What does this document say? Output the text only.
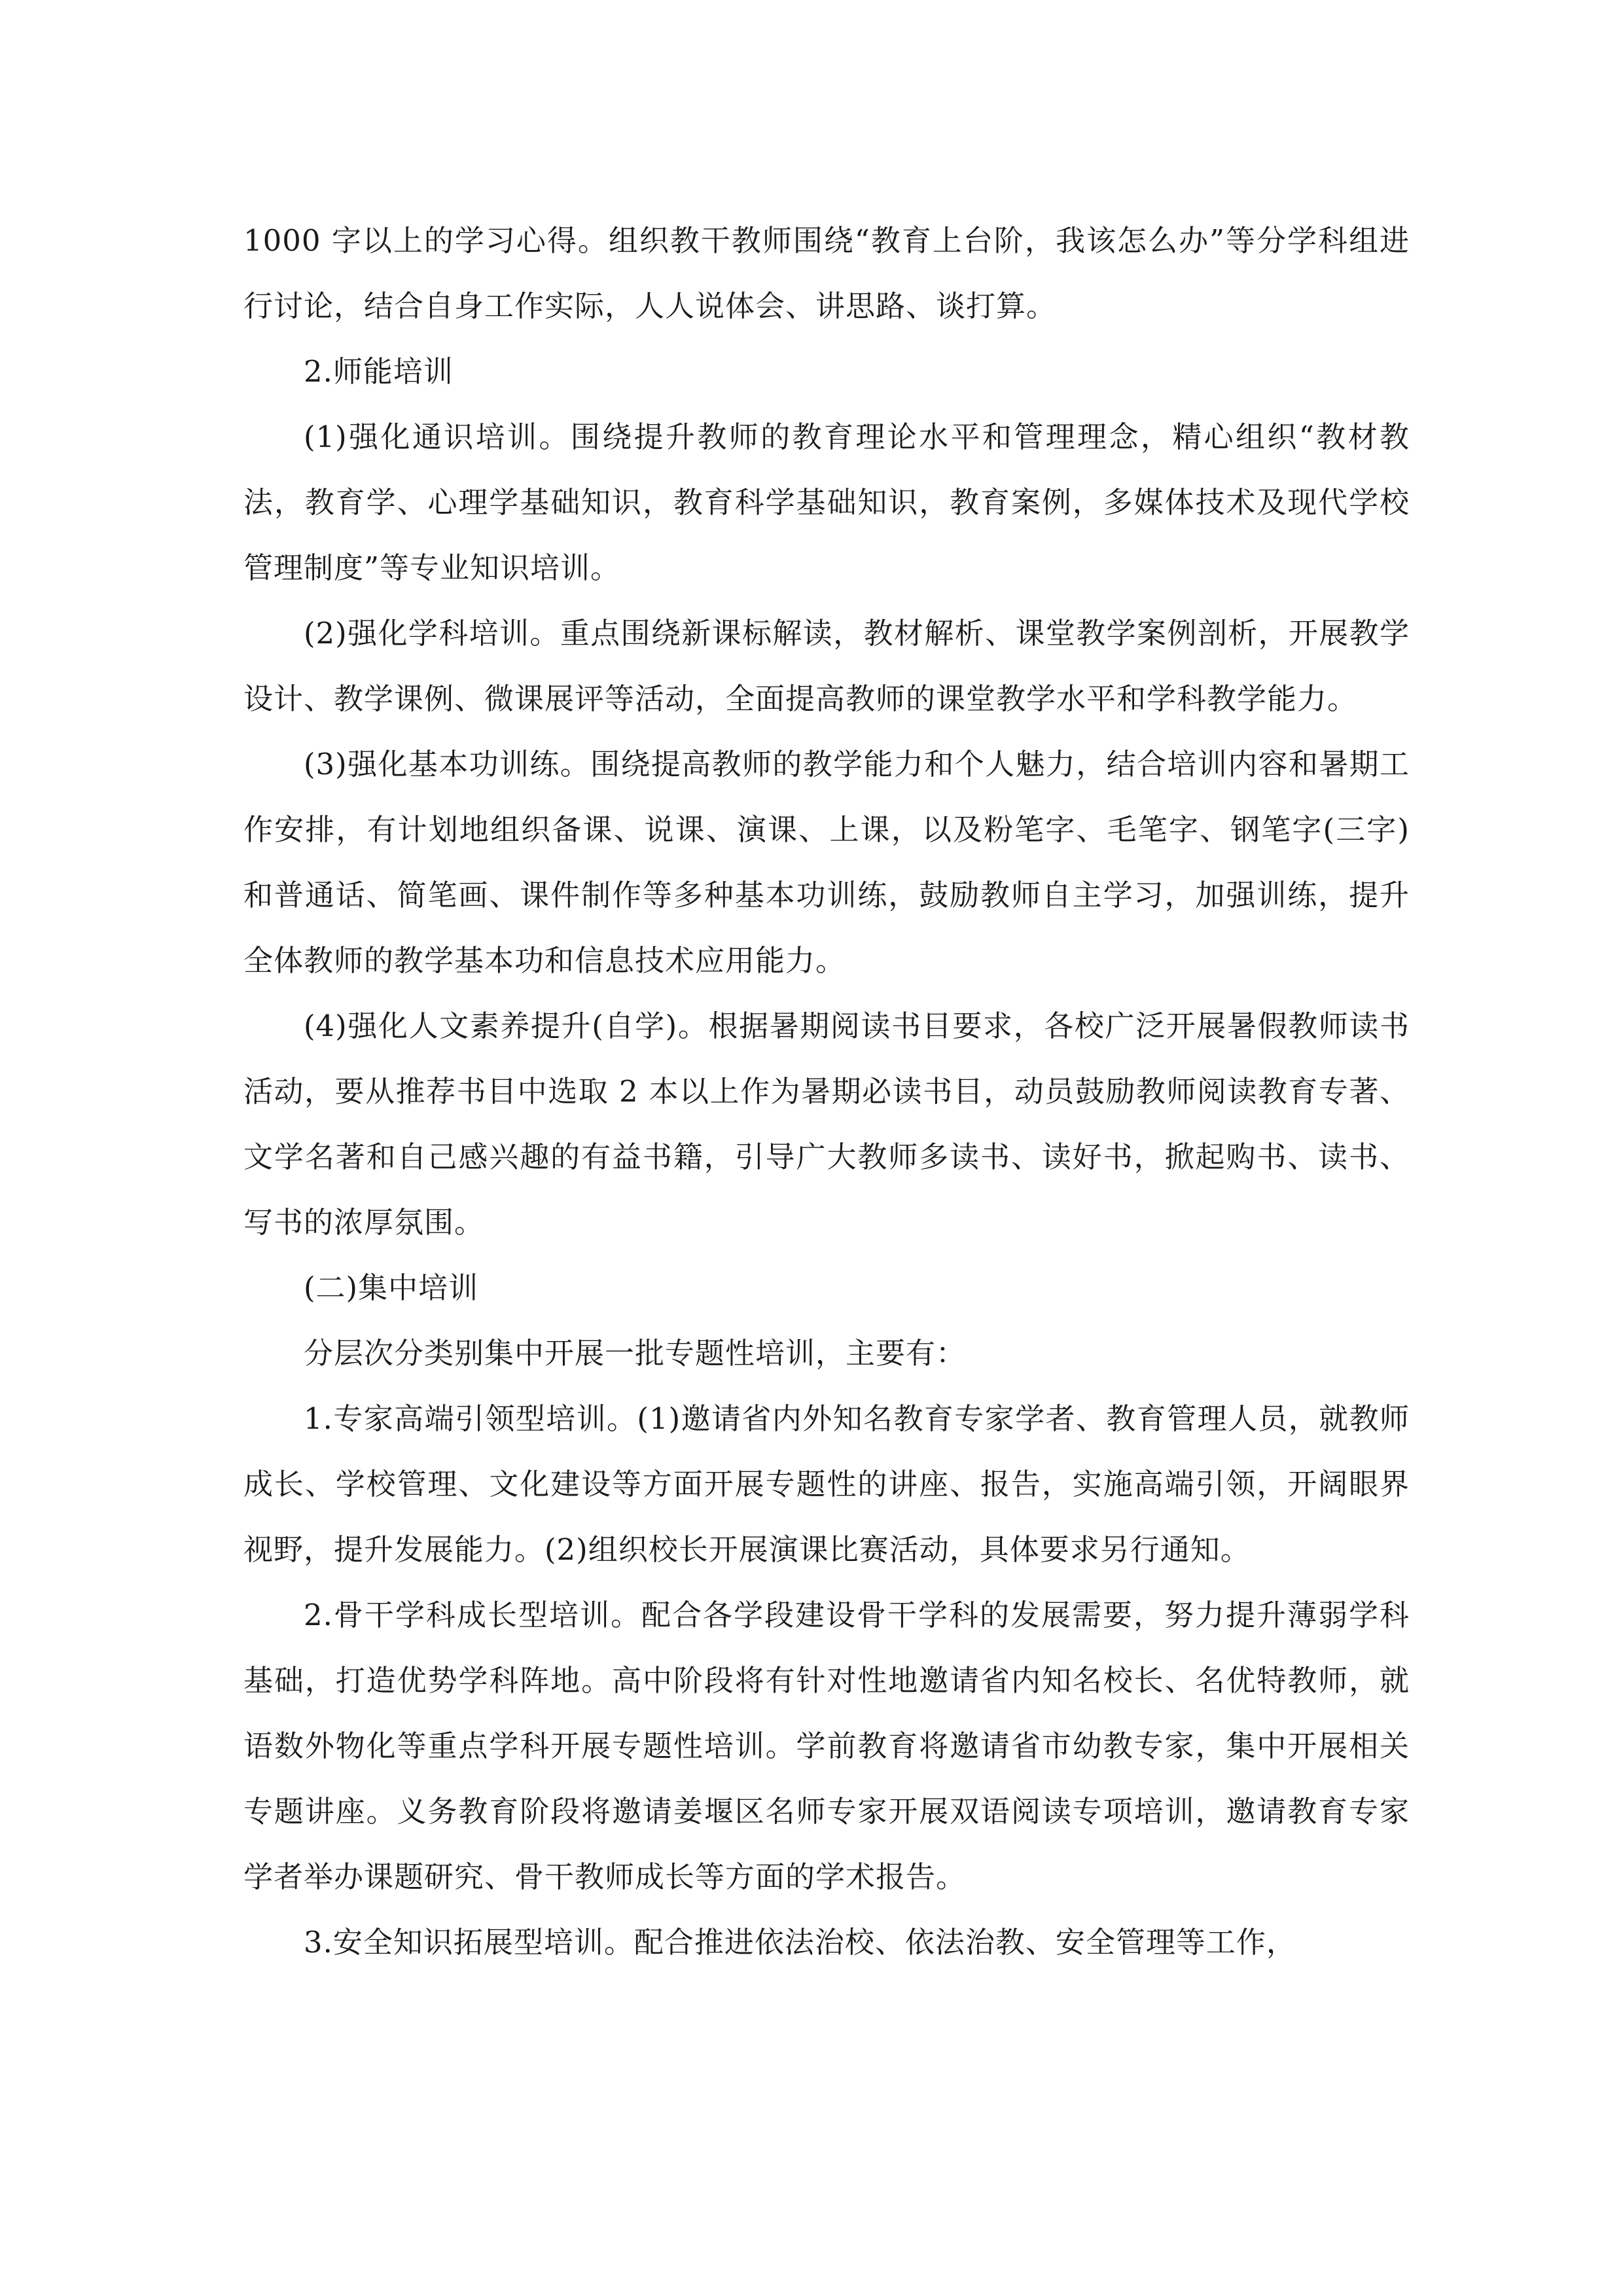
1000 字以上的学习心得。组织教干教师围绕“教育上台阶，我该怎么办”等分学科组进行讨论，结合自身工作实际，人人说体会、讲思路、谈打算。

2.师能培训

(1)强化通识培训。围绕提升教师的教育理论水平和管理理念，精心组织“教材教法，教育学、心理学基础知识，教育科学基础知识，教育案例，多媒体技术及现代学校管理制度”等专业知识培训。

(2)强化学科培训。重点围绕新课标解读，教材解析、课堂教学案例剖析，开展教学设计、教学课例、微课展评等活动，全面提高教师的课堂教学水平和学科教学能力。

(3)强化基本功训练。围绕提高教师的教学能力和个人魅力，结合培训内容和暑期工作安排，有计划地组织备课、说课、演课、上课，以及粉笔字、毛笔字、钢笔字(三字)和普通话、简笔画、课件制作等多种基本功训练，鼓励教师自主学习，加强训练，提升全体教师的教学基本功和信息技术应用能力。

(4)强化人文素养提升(自学)。根据暑期阅读书目要求，各校广泛开展暑假教师读书活动，要从推荐书目中选取 2 本以上作为暑期必读书目，动员鼓励教师阅读教育专著、文学名著和自己感兴趣的有益书籍，引导广大教师多读书、读好书，掀起购书、读书、写书的浓厚氛围。

(二)集中培训

分层次分类别集中开展一批专题性培训，主要有：

1.专家高端引领型培训。(1)邀请省内外知名教育专家学者、教育管理人员，就教师成长、学校管理、文化建设等方面开展专题性的讲座、报告，实施高端引领，开阔眼界视野，提升发展能力。(2)组织校长开展演课比赛活动，具体要求另行通知。

2.骨干学科成长型培训。配合各学段建设骨干学科的发展需要，努力提升薄弱学科基础，打造优势学科阵地。高中阶段将有针对性地邀请省内知名校长、名优特教师，就语数外物化等重点学科开展专题性培训。学前教育将邀请省市幼教专家，集中开展相关专题讲座。义务教育阶段将邀请姜堰区名师专家开展双语阅读专项培训，邀请教育专家学者举办课题研究、骨干教师成长等方面的学术报告。

3.安全知识拓展型培训。配合推进依法治校、依法治教、安全管理等工作，
